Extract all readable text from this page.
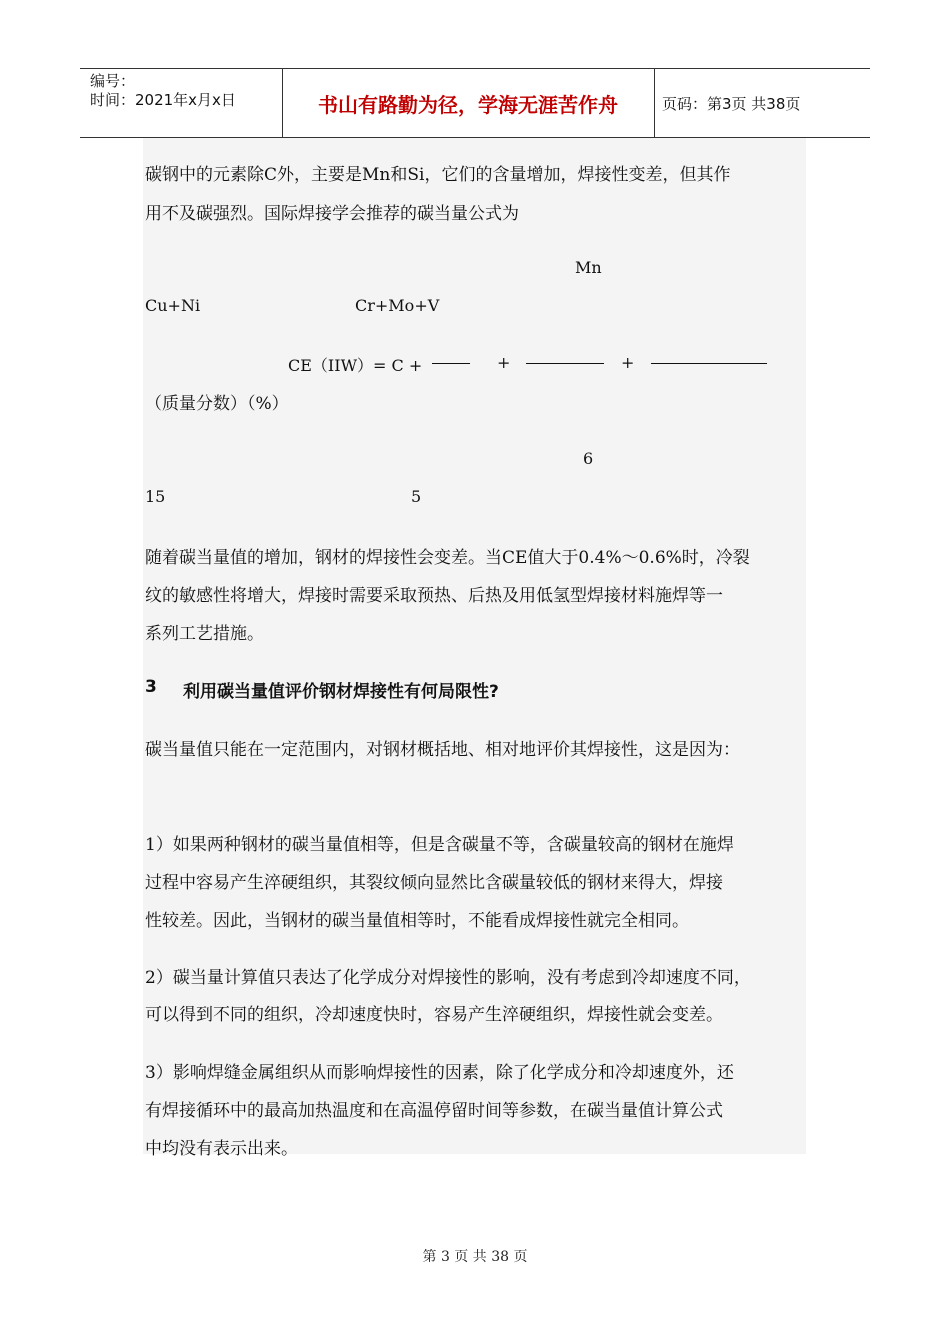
编号：
时间：2021年x月x日	书山有路勤为径，学海无涯苦作舟	页码：第3页 共38页
碳钢中的元素除C外，主要是Mn和Si，它们的含量增加，焊接性变差，但其作
用不及碳强烈。国际焊接学会推荐的碳当量公式为
Mn
Cu+Ni	Cr+Mo+V
CE（IIW）= C +	+	+
（质量分数）（%）
6
15	5
随着碳当量值的增加，钢材的焊接性会变差。当CE值大于0.4%～0.6%时，冷裂
纹的敏感性将增大，焊接时需要采取预热、后热及用低氢型焊接材料施焊等一
系列工艺措施。
3 利用碳当量值评价钢材焊接性有何局限性?
碳当量值只能在一定范围内，对钢材概括地、相对地评价其焊接性，这是因为：
1）如果两种钢材的碳当量值相等，但是含碳量不等，含碳量较高的钢材在施焊
过程中容易产生淬硬组织，其裂纹倾向显然比含碳量较低的钢材来得大，焊接
性较差。因此，当钢材的碳当量值相等时，不能看成焊接性就完全相同。
2）碳当量计算值只表达了化学成分对焊接性的影响，没有考虑到冷却速度不同，
可以得到不同的组织，冷却速度快时，容易产生淬硬组织，焊接性就会变差。
3）影响焊缝金属组织从而影响焊接性的因素，除了化学成分和冷却速度外，还
有焊接循环中的最高加热温度和在高温停留时间等参数，在碳当量值计算公式
中均没有表示出来。
第 3 页 共 38 页
